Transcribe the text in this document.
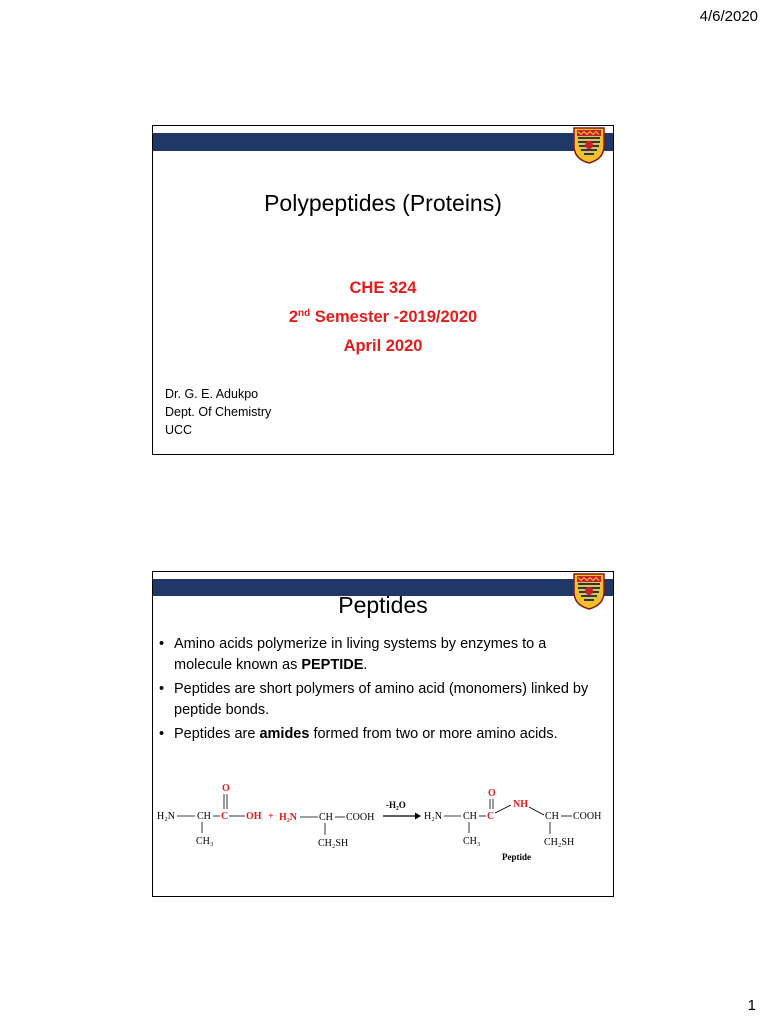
4/6/2020
Polypeptides (Proteins)
CHE 324
2nd Semester -2019/2020
April 2020
Dr. G. E. Adukpo
Dept. Of Chemistry
UCC
Peptides
• Amino acids polymerize in living systems by enzymes to a molecule known as PEPTIDE.
• Peptides are short polymers of amino acid (monomers) linked by peptide bonds.
• Peptides are amides formed from two or more amino acids.
O
H₂N CH C OH
CH₃
+ H₂N CH COOH
CH₂SH
-H₂O
O
H₂N CH C
NH
CH COOH
CH₃	CH₂SH
Peptide
1
